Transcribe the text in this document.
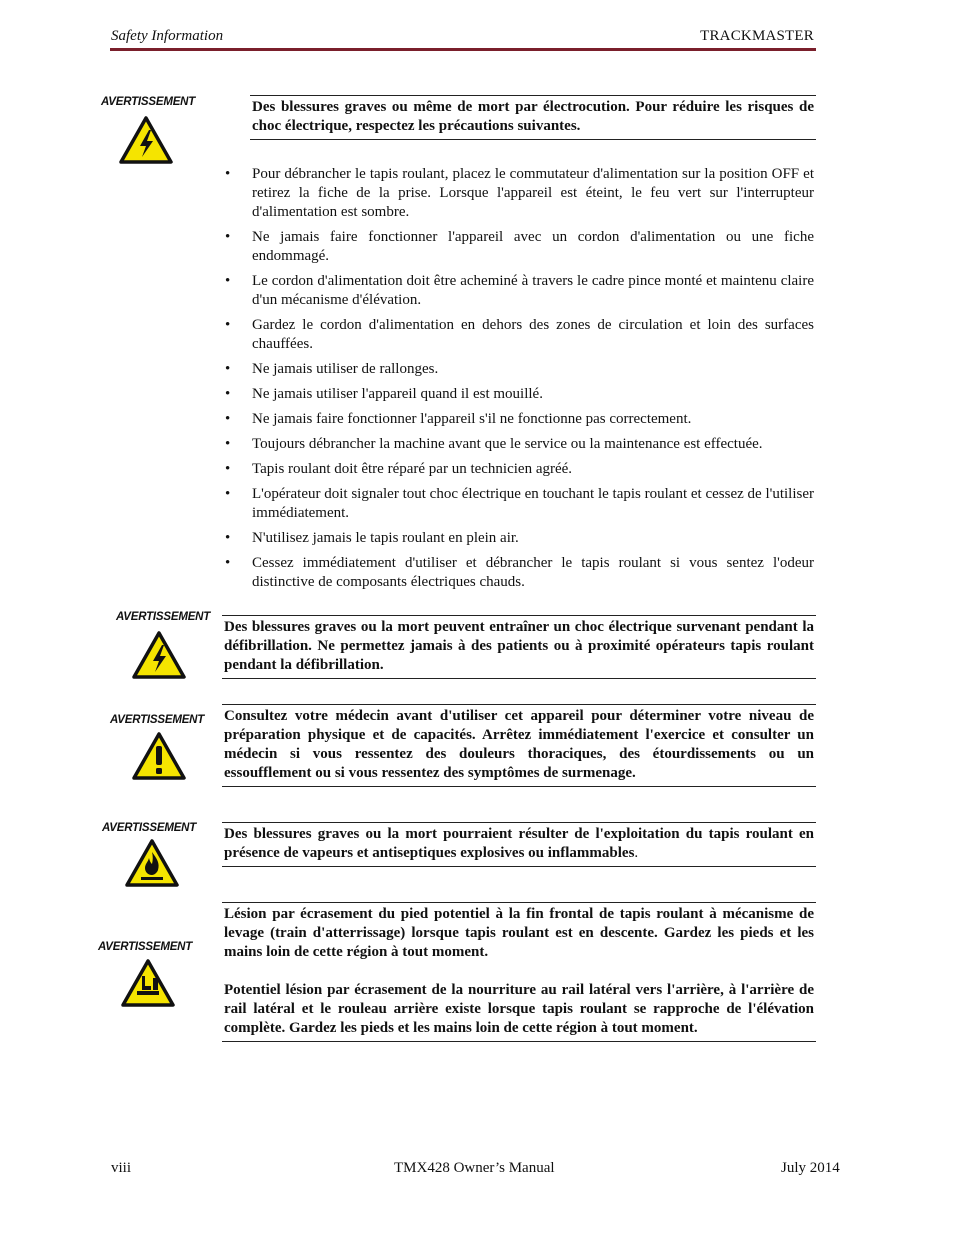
Safety Information	TRACKMASTER
AVERTISSEMENT	Des blessures graves ou même de mort par électrocution. Pour réduire les risques de choc électrique, respectez les précautions suivantes.

• Pour débrancher le tapis roulant, placez le commutateur d'alimentation sur la position OFF et retirez la fiche de la prise. Lorsque l'appareil est éteint, le feu vert sur l'interrupteur d'alimentation est sombre.
• Ne jamais faire fonctionner l'appareil avec un cordon d'alimentation ou une fiche endommagé.
• Le cordon d'alimentation doit être acheminé à travers le cadre pince monté et maintenu claire d'un mécanisme d'élévation.
• Gardez le cordon d'alimentation en dehors des zones de circulation et loin des surfaces chauffées.
• Ne jamais utiliser de rallonges.
• Ne jamais utiliser l'appareil quand il est mouillé.
• Ne jamais faire fonctionner l'appareil s'il ne fonctionne pas correctement.
• Toujours débrancher la machine avant que le service ou la maintenance est effectuée.
• Tapis roulant doit être réparé par un technicien agréé.
• L'opérateur doit signaler tout choc électrique en touchant le tapis roulant et cessez de l'utiliser immédiatement.
• N'utilisez jamais le tapis roulant en plein air.
• Cessez immédiatement d'utiliser et débrancher le tapis roulant si vous sentez l'odeur distinctive de composants électriques chauds.
AVERTISSEMENT

Des blessures graves ou la mort peuvent entraîner un choc électrique survenant pendant la défibrillation. Ne permettez jamais à des patients ou à proximité opérateurs tapis roulant pendant la défibrillation.

AVERTISSEMENT Consultez votre médecin avant d'utiliser cet appareil pour déterminer votre niveau de préparation physique et de capacités. Arrêtez immédiatement l'exercice et consulter un médecin si vous ressentez des douleurs thoraciques, des étourdissements ou un essoufflement ou si vous ressentez des symptômes de surmenage.

AVERTISSEMENT Des blessures graves ou la mort pourraient résulter de l'exploitation du tapis roulant en présence de vapeurs et antiseptiques explosives ou inflammables.

AVERTISSEMENT

Lésion par écrasement du pied potentiel à la fin frontal de tapis roulant à mécanisme de levage (train d'atterrissage) lorsque tapis roulant est en descente. Gardez les pieds et les mains loin de cette région à tout moment.

Potentiel lésion par écrasement de la nourriture au rail latéral vers l'arrière, à l'arrière de rail latéral et le rouleau arrière existe lorsque tapis roulant se rapproche de l'élévation complète. Gardez les pieds et les mains loin de cette région à tout moment.

viii	TMX428 Owner’s Manual	July 2014
